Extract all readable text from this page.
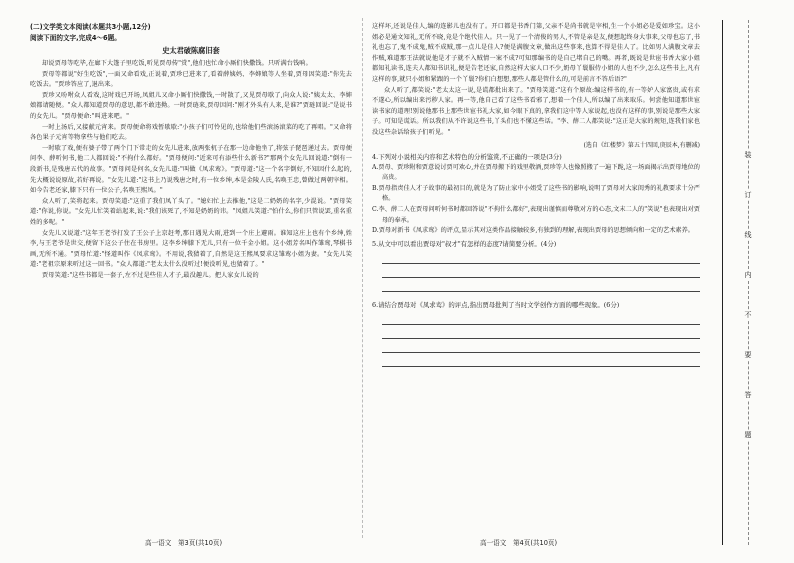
(二)文学类文本阅读(本题共3小题,12分)

阅读下面的文字,完成4～6题。

史太君破陈腐旧套

却说贾母等吃毕,在廊下大篷子里吃饭,听见贾母传"赏",他们也忙命小厮们快撒钱。只听满台钱响。

贾母等都说"好生吃饭",一面又命看戏,正说着,贾珍已进来了,看着薛姨妈、李婶娘等人坐着,贾母因笑道:"你先去吃饭去。"贾珍答应了,退出来。

贾珍又吩咐众人看戏,这时戏已开场,凤姐儿又命小厮们快撒钱,一时散了,又见贾母歇了,向众人说:"姨太太、李婶娘都请随便。"众人都知道贾母的意思,都不敢违拗。一时贾琏来,贾母因问:"刚才外头有人来,是谁?"贾琏回说:"是说书的女先儿。"贾母便命:"叫进来吧。"

一时上汤后,又接献元宵来。贾母便命将戏暂歇歇:"小孩子们可怜见的,也给他们些滚汤滚菜的吃了再唱。"又命将各色果子元宵等物拿些与他们吃去。

一时歇了戏,便有婆子带了两个门下常走的女先儿进来,放两张杌子在那一边命他坐了,将弦子琵琶递过去。贾母便问李、薛听何书,他二人都回说:"不拘什么都好。"贾母便问:"近来可有添些什么新书?"那两个女先儿回说道:"倒有一段新书,是残唐五代的故事。"贾母问是何名,女先儿道:"叫做《凤求鸾》。"贾母道:"这一个名字倒好,不知因什么起的,先大概说说原故,若好再说。"女先儿道:"这书上乃说残唐之时,有一位乡绅,本是金陵人氏,名唤王忠,曾做过两朝宰相。如今告老还家,膝下只有一位公子,名唤王熙凤。"

众人听了,笑将起来。贾母笑道:"这重了我们凤丫头了。"媳妇忙上去推他,"这是二奶奶的名字,少混说。"贾母笑道:"你说,你说。"女先儿忙笑着站起来,说:"我们该死了,不知是奶奶的讳。"凤姐儿笑道:"怕什么,你们只管说罢,重名重姓的多呢。"

女先儿又说道:"这年王老爷打发了王公子上京赶考,那日遇见大雨,进到一个庄上避雨。谁知这庄上也有个乡绅,姓李,与王老爷是世交,便留下这公子住在书房里。这李乡绅膝下无儿,只有一位千金小姐。这小姐芳名叫作雏鸾,琴棋书画,无所不通。"贾母忙道:"怪道叫作《凤求鸾》。不用说,我猜着了,自然是这王熙凤要求这雏鸾小姐为妻。"女先儿笑道:"老祖宗原来听过这一回书。"众人都道:"老太太什么没听过!便没听见,也猜着了。"

贾母笑道:"这些书都是一套子,左不过是些佳人才子,最没趣儿。把人家女儿说的

高一语文　第3页(共10页)

这样坏,还说是佳人,编的连影儿也没有了。开口都是书香门第,父亲不是尚书就是宰相,生一个小姐必是爱如珍宝。这小姐必是通文知礼,无所不晓,竟是个绝代佳人。只一见了一个清俊的男人,不管是亲是友,便想起终身大事来,父母也忘了,书礼也忘了,鬼不成鬼,贼不成贼,那一点儿是佳人?便是满腹文章,做出这些事来,也算不得是佳人了。比如男人满腹文章去作贼,难道那王法就说他是才子就不入贼情一案不成?可知那编书的是自己堵自己的嘴。再者,既说是世宦书香大家小姐都知礼读书,连夫人都知书识礼,便是告老还家,自然这样大家人口不少,奶母丫鬟服侍小姐的人也不少,怎么这些书上,凡有这样的事,就只小姐和紧跟的一个丫鬟?你们白想想,那些人都是管什么的,可是前言不答后语?"

众人听了,都笑说:"老太太这一说,是谎都批出来了。"贾母笑道:"这有个原故:编这样书的,有一等妒人家富贵,或有求不遂心,所以编出来污秽人家。再一等,他自己看了这些书看邪了,想着一个佳人,所以编了出来取乐。何尝他知道那世宦读书家的道理!别说他那书上那些世宦书礼大家,如今眼下真的,拿我们这中等人家说起,也没有这样的事,别说是那些大家子。可知是谎话。所以我们从不许说这些书,丫头们也不懂这些话。"李、薛二人都笑说:"这正是大家的规矩,连我们家也没这些杂话给孩子们听见。"

(选自《红楼梦》第五十四回,庚辰本,有删减)

4.下列对小说相关内容和艺术特色的分析鉴赏,不正确的一项是(3分)

A.贾母、贾珍附和贾意说讨贾可欢心,并在贾母搬下的戏里敬酒,贾珍等人也像照搬了一遍下跪,这一场面揭示出贾母地位的高贵。

B.贾母指责佳人才子故事的最初目的,就是为了防止家中小姐受了这些书的影响,说明了贾母对大家闺秀的礼教要求十分严格。

C.李、薛二人在贾母问听何书时都回答说"不拘什么都好",表现出谨慎而尊敬对方的心态,文末二人的"笑说"也表现出对贾母的奉承。

D.贾母对新书《凤求鸾》的评点,显示其对这类作品接触较多,有独到的理解,表现出贾母的思想倾向和一定的艺术素养。

5.从文中可以看出贾母对"叔才"有怎样的态度?请简要分析。(4分)

6.请结合贾母对《凤求鸾》的评点,指出贾母批判了当时文学创作方面的哪些现象。(6分)

高一语文　第4页(共10页)
装
订
线
内
不
要
答
题
